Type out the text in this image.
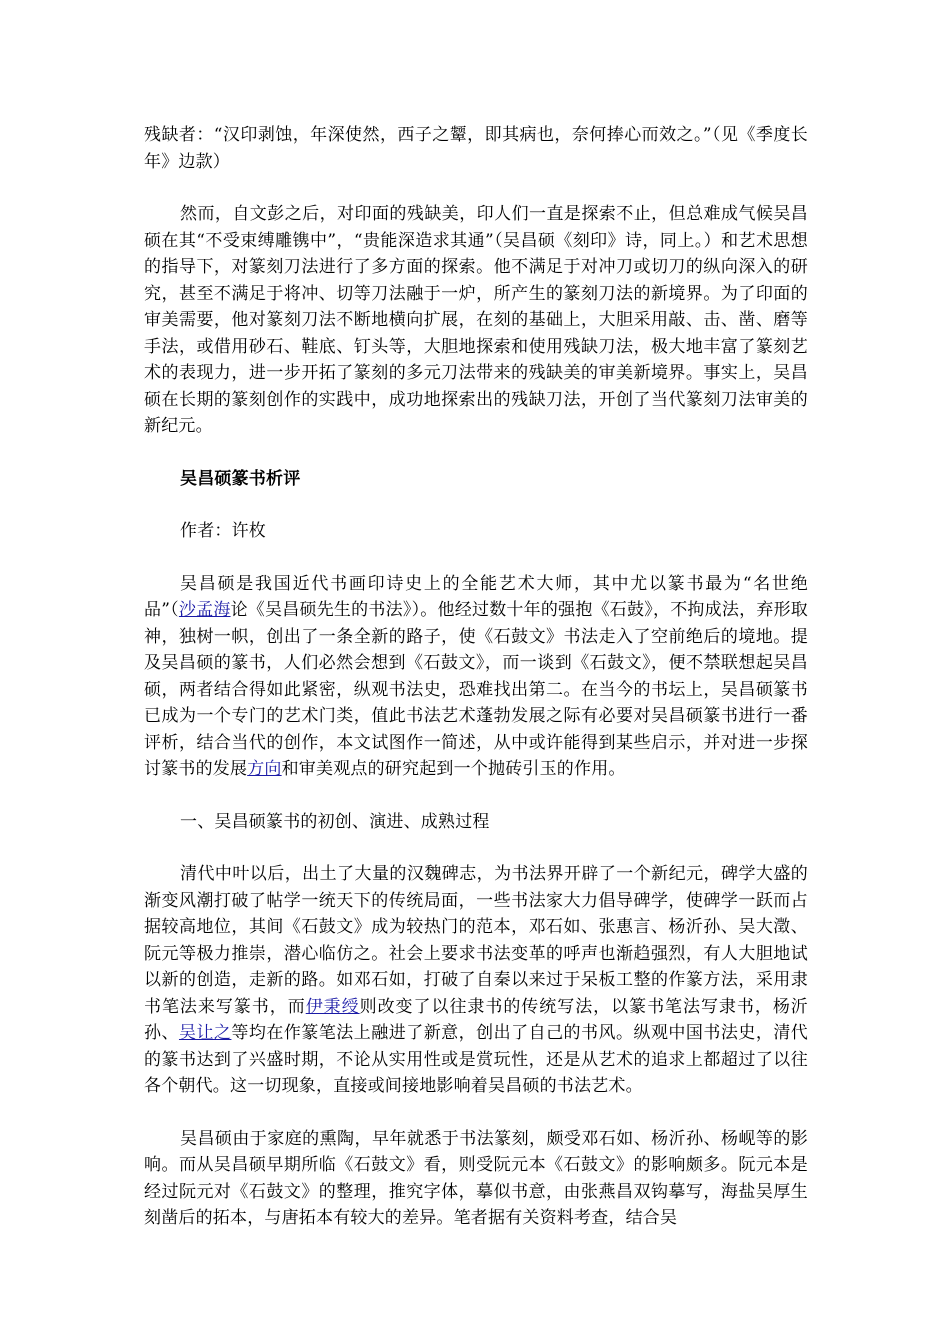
残缺者：“汉印剥蚀，年深使然，西子之颦，即其病也，奈何捧心而效之。”（见《季度长年》边款）

然而，自文彭之后，对印面的残缺美，印人们一直是探索不止，但总难成气候吴昌硕在其“不受束缚雕镌中”，“贵能深造求其通”（吴昌硕《刻印》诗，同上。）和艺术思想的指导下，对篆刻刀法进行了多方面的探索。他不满足于对冲刀或切刀的纵向深入的研究，甚至不满足于将冲、切等刀法融于一炉，所产生的篆刻刀法的新境界。为了印面的审美需要，他对篆刻刀法不断地横向扩展，在刻的基础上，大胆采用敲、击、凿、磨等手法，或借用砂石、鞋底、钉头等，大胆地探索和使用残缺刀法，极大地丰富了篆刻艺术的表现力，进一步开拓了篆刻的多元刀法带来的残缺美的审美新境界。事实上，吴昌硕在长期的篆刻创作的实践中，成功地探索出的残缺刀法，开创了当代篆刻刀法审美的新纪元。

吴昌硕篆书析评

作者：许枚

吴昌硕是我国近代书画印诗史上的全能艺术大师，其中尤以篆书最为“名世绝品”（沙孟海论《吴昌硕先生的书法》）。他经过数十年的强抱《石鼓》，不拘成法，弃形取神，独树一帜，创出了一条全新的路子，使《石鼓文》书法走入了空前绝后的境地。提及吴昌硕的篆书，人们必然会想到《石鼓文》，而一谈到《石鼓文》，便不禁联想起吴昌硕，两者结合得如此紧密，纵观书法史，恐难找出第二。在当今的书坛上，吴昌硕篆书已成为一个专门的艺术门类，值此书法艺术蓬勃发展之际有必要对吴昌硕篆书进行一番评析，结合当代的创作，本文试图作一简述，从中或许能得到某些启示，并对进一步探讨篆书的发展方向和审美观点的研究起到一个抛砖引玉的作用。

一、吴昌硕篆书的初创、演进、成熟过程

清代中叶以后，出土了大量的汉魏碑志，为书法界开辟了一个新纪元，碑学大盛的渐变风潮打破了帖学一统天下的传统局面，一些书法家大力倡导碑学，使碑学一跃而占据较高地位，其间《石鼓文》成为较热门的范本，邓石如、张惠言、杨沂孙、吴大澂、阮元等极力推崇，潜心临仿之。社会上要求书法变革的呼声也渐趋强烈，有人大胆地试以新的创造，走新的路。如邓石如，打破了自秦以来过于呆板工整的作篆方法，采用隶书笔法来写篆书，而伊秉绶则改变了以往隶书的传统写法，以篆书笔法写隶书，杨沂孙、吴让之等均在作篆笔法上融进了新意，创出了自己的书风。纵观中国书法史，清代的篆书达到了兴盛时期，不论从实用性或是赏玩性，还是从艺术的追求上都超过了以往各个朝代。这一切现象，直接或间接地影响着吴昌硕的书法艺术。

吴昌硕由于家庭的熏陶，早年就悉于书法篆刻，颇受邓石如、杨沂孙、杨岘等的影响。而从吴昌硕早期所临《石鼓文》看，则受阮元本《石鼓文》的影响颇多。阮元本是经过阮元对《石鼓文》的整理，推究字体，摹似书意，由张燕昌双钩摹写，海盐吴厚生刻凿后的拓本，与唐拓本有较大的差异。笔者据有关资料考查，结合吴
